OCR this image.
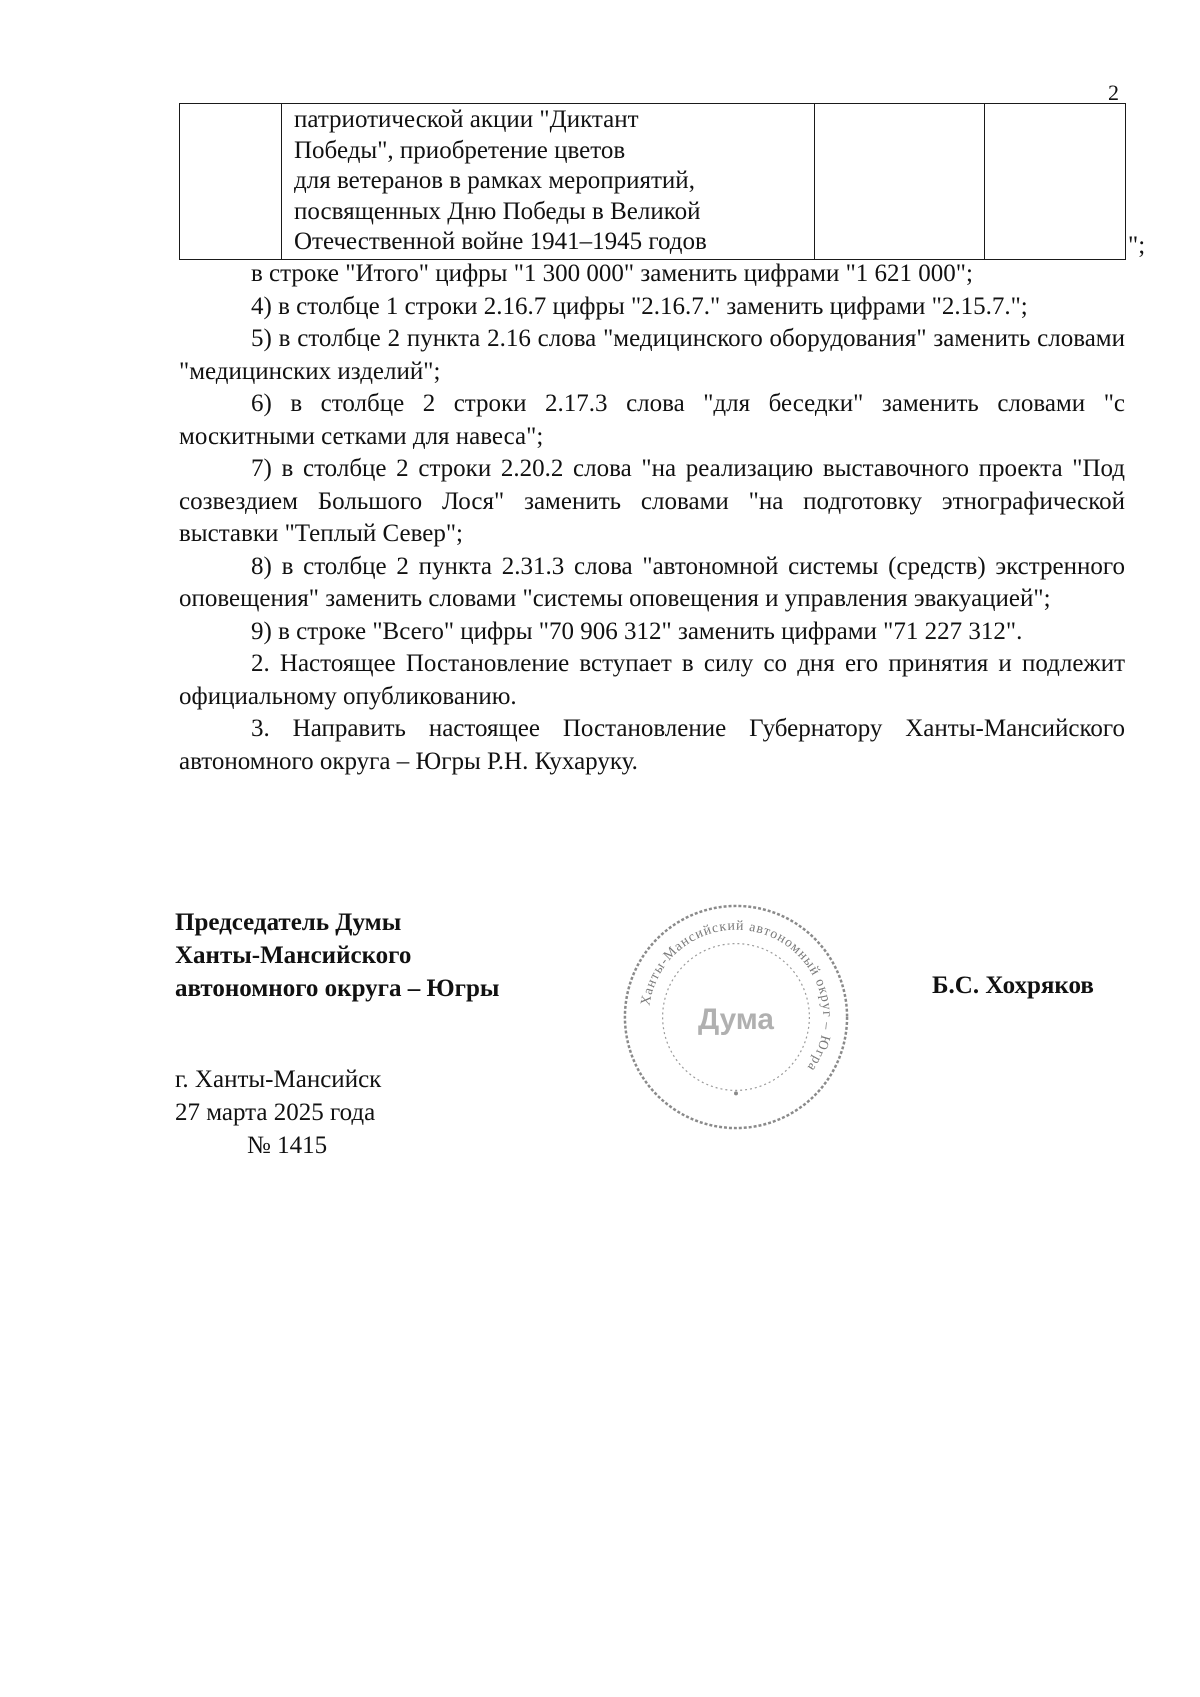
2

патриотической акции "Диктант
Победы", приобретение цветов
для ветеранов в рамках мероприятий,
посвященных Дню Победы в Великой
Отечественной войне 1941–1945 годов
			";

в строке "Итого" цифры "1 300 000" заменить цифрами "1 621 000";

4) в столбце 1 строки 2.16.7 цифры "2.16.7." заменить цифрами "2.15.7.";

5) в столбце 2 пункта 2.16 слова "медицинского оборудования" заменить словами "медицинских изделий";

6) в столбце 2 строки 2.17.3 слова "для беседки" заменить словами "с москитными сетками для навеса";

7) в столбце 2 строки 2.20.2 слова "на реализацию выставочного проекта "Под созвездием Большого Лося" заменить словами "на подготовку этнографической выставки "Теплый Север";

8) в столбце 2 пункта 2.31.3 слова "автономной системы (средств) экстренного оповещения" заменить словами "системы оповещения и управления эвакуацией";

9) в строке "Всего" цифры "70 906 312" заменить цифрами "71 227 312".

2. Настоящее Постановление вступает в силу со дня его принятия и подлежит официальному опубликованию.

3. Направить настоящее Постановление Губернатору Ханты-Мансийского автономного округа – Югры Р.Н. Кухаруку.

Председатель Думы
Ханты-Мансийского
автономного округа – Югры	Ханты-Мансийский автономный округ – Югра
Дума
Б.С. Хохряков
г. Ханты-Мансийск
27 марта 2025 года
№ 1415
